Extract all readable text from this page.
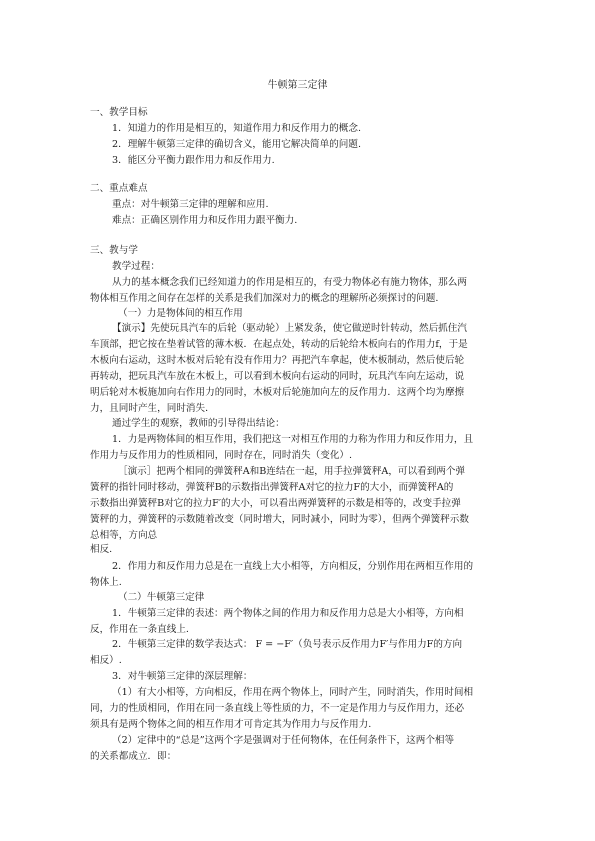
牛顿第三定律
一、教学目标
1．知道力的作用是相互的，知道作用力和反作用力的概念.
2．理解牛顿第三定律的确切含义，能用它解决简单的问题.
3．能区分平衡力跟作用力和反作用力.
二、重点难点
重点：对牛顿第三定律的理解和应用.
难点：正确区别作用力和反作用力跟平衡力.
三、教与学
教学过程：
从力的基本概念我们已经知道力的作用是相互的，有受力物体必有施力物体，那么两
物体相互作用之间存在怎样的关系是我们加深对力的概念的理解所必须探讨的问题.
（一）力是物体间的相互作用
【演示】先使玩具汽车的后轮（驱动轮）上紧发条，使它做逆时针转动，然后抓住汽
车顶部，把它按在垫着试管的薄木板．在起点处，转动的后轮给木板向右的作用力f，于是
木板向右运动，这时木板对后轮有没有作用力？再把汽车拿起，使木板制动，然后使后轮
再转动，把玩具汽车放在木板上，可以看到木板向右运动的同时，玩具汽车向左运动，说
明后轮对木板施加向右作用力的同时，木板对后轮施加向左的反作用力．这两个均为摩擦
力，且同时产生，同时消失．
通过学生的观察，教师的引导得出结论：
1．力是两物体间的相互作用，我们把这一对相互作用的力称为作用力和反作用力，且
作用力与反作用力的性质相同，同时存在，同时消失（变化）.
［演示］把两个相同的弹簧秤A和B连结在一起，用手拉弹簧秤A，可以看到两个弹
簧秤的指针同时移动，弹簧秤B的示数指出弹簧秤A对它的拉力F的大小，而弹簧秤A的
示数指出弹簧秤B对它的拉力F′的大小，可以看出两弹簧秤的示数是相等的，改变手拉弹
簧秤的力，弹簧秤的示数随着改变（同时增大，同时减小，同时为零），但两个弹簧秤示数
总相等，方向总
相反.
2．作用力和反作用力总是在一直线上大小相等，方向相反，分别作用在两相互作用的
物体上.
（二）牛顿第三定律
1．牛顿第三定律的表述：两个物体之间的作用力和反作用力总是大小相等，方向相
反，作用在一条直线上.
2．牛顿第三定律的数学表达式： F = −F′（负号表示反作用力F′与作用力F的方向
相反）.
3．对牛顿第三定律的深层理解：
（1）有大小相等，方向相反，作用在两个物体上，同时产生，同时消失，作用时间相
同，力的性质相同，作用在同一条直线上等性质的力，不一定是作用力与反作用力，还必
须具有是两个物体之间的相互作用才可肯定其为作用力与反作用力.
（2）定律中的“总是”这两个字是强调对于任何物体，在任何条件下，这两个相等
的关系都成立．即：
